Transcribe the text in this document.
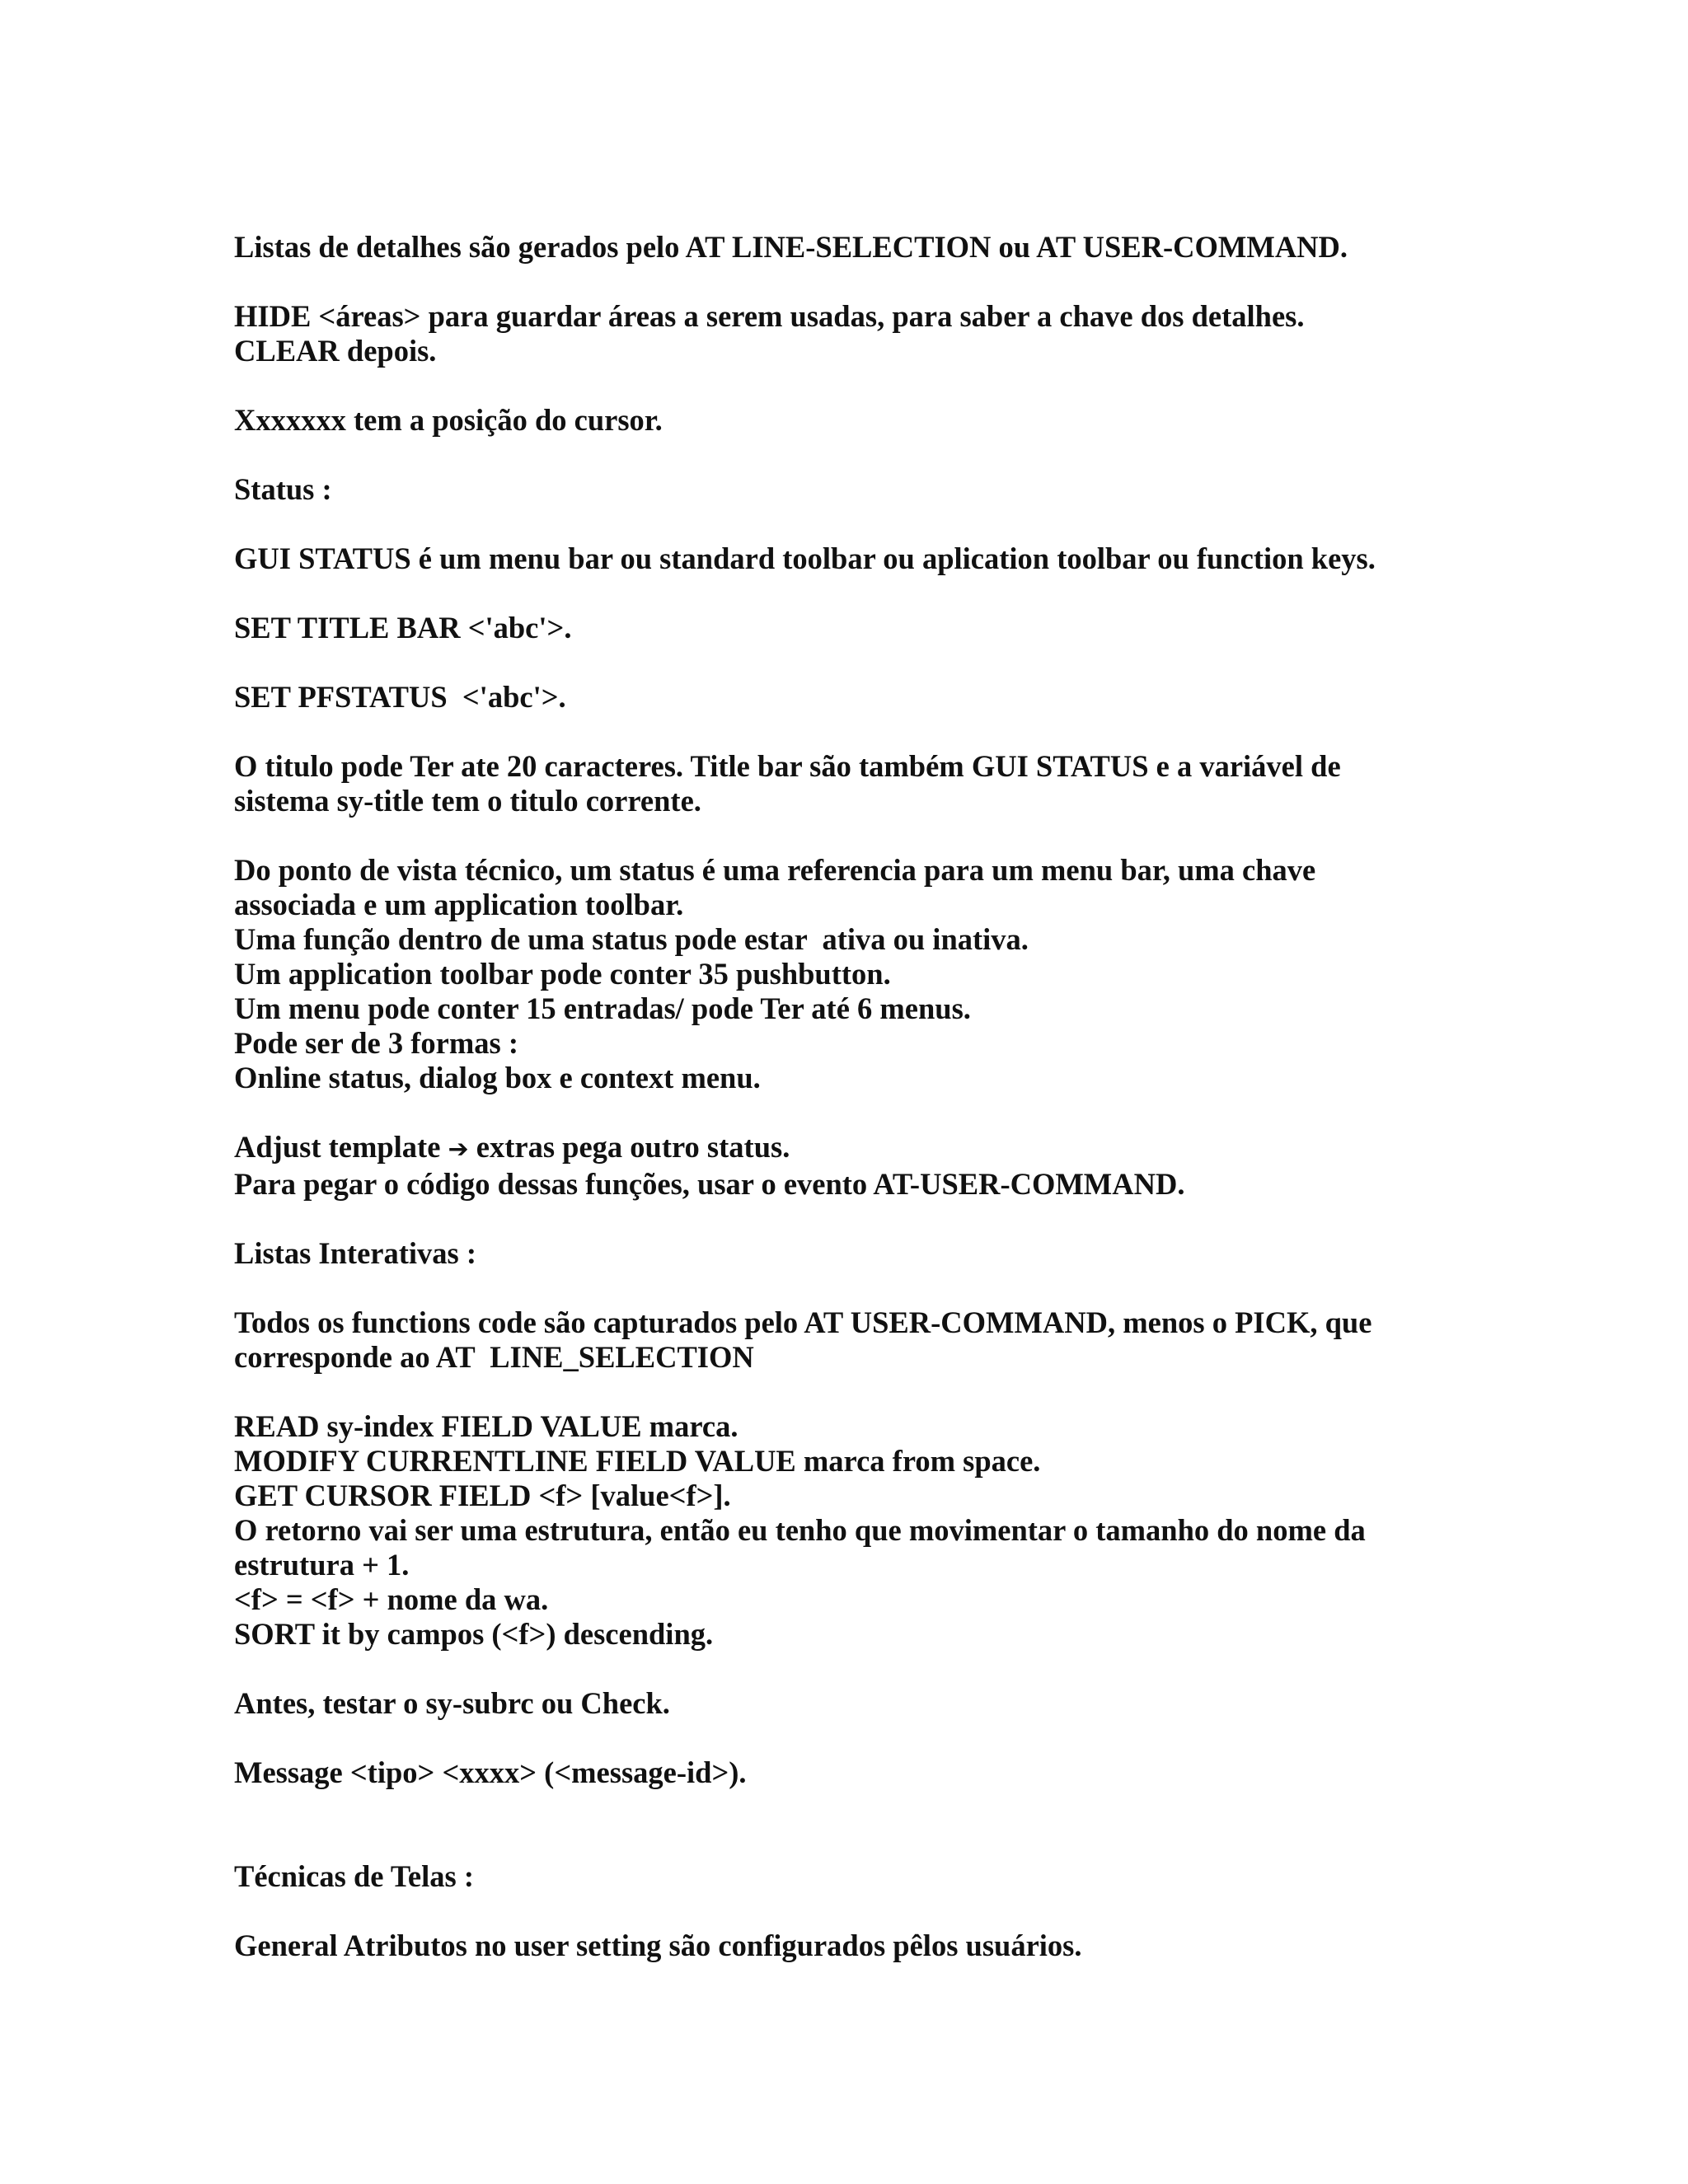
Listas de detalhes são gerados pelo AT LINE-SELECTION ou AT USER-COMMAND.

HIDE <áreas> para guardar áreas a serem usadas, para saber a chave dos detalhes.
CLEAR depois.

Xxxxxxx tem a posição do cursor.

Status :

GUI STATUS é um menu bar ou standard toolbar ou aplication toolbar ou function keys.

SET TITLE BAR <'abc'>.

SET PFSTATUS  <'abc'>.

O titulo pode Ter ate 20 caracteres. Title bar são também GUI STATUS e a variável de
sistema sy-title tem o titulo corrente.

Do ponto de vista técnico, um status é uma referencia para um menu bar, uma chave
associada e um application toolbar.
Uma função dentro de uma status pode estar  ativa ou inativa.
Um application toolbar pode conter 35 pushbutton.
Um menu pode conter 15 entradas/ pode Ter até 6 menus.
Pode ser de 3 formas :
Online status, dialog box e context menu.

Adjust template ➔ extras pega outro status.
Para pegar o código dessas funções, usar o evento AT-USER-COMMAND.

Listas Interativas :

Todos os functions code são capturados pelo AT USER-COMMAND, menos o PICK, que
corresponde ao AT  LINE_SELECTION

READ sy-index FIELD VALUE marca.
MODIFY CURRENTLINE FIELD VALUE marca from space.
GET CURSOR FIELD <f> [value<f>].
O retorno vai ser uma estrutura, então eu tenho que movimentar o tamanho do nome da
estrutura + 1.
<f> = <f> + nome da wa.
SORT it by campos (<f>) descending.

Antes, testar o sy-subrc ou Check.

Message <tipo> <xxxx> (<message-id>).

Técnicas de Telas :

General Atributos no user setting são configurados pêlos usuários.
